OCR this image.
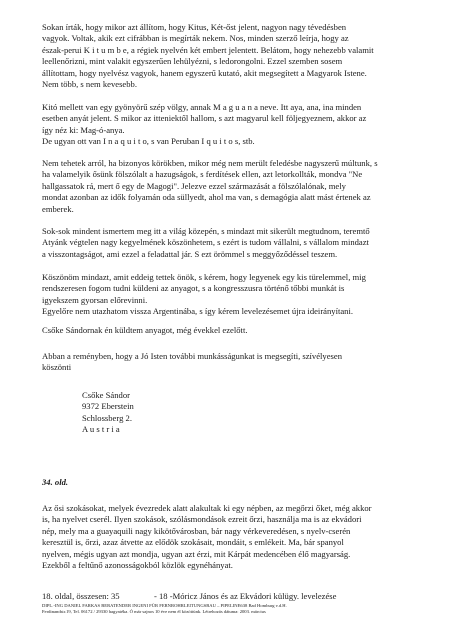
Sokan írták, hogy mikor azt állítom, hogy Kitus, Két-őst jelent, nagyon nagy tévedésben
vagyok. Voltak, akik ezt cifrábban is megírták nekem. Nos, minden szerző leírja, hogy az
észak-perui K i t u m b e, a régiek nyelvén két embert jelentett. Belátom, hogy nehezebb valamit
leellenőrizni, mint valakit egyszerűen lehülyézni, s ledorongolni. Ezzel szemben sosem
állítottam, hogy nyelvész vagyok, hanem egyszerű kutató, akit megsegített a Magyarok Istene.
Nem több, s nem kevesebb.
Kitó mellett van egy gyönyörű szép völgy, annak M a g u a n a neve. Itt aya, ana, ina minden
esetben anyát jelent. S mikor az itteniektől hallom, s azt magyarul kell följegyeznem, akkor az
így néz ki: Mag-ó-anya.
De ugyan ott van I n a q u i t o, s van Peruban I q u i t o s, stb.
Nem tehetek arról, ha bizonyos körökben, mikor még nem merült feledésbe nagyszerű múltunk, s
ha valamelyik ősünk fölszólalt a hazugságok, s ferdítések ellen, azt letorkollták, mondva "Ne
hallgassatok rá, mert ő egy de Magogi". Jelezve ezzel származását a fölszólalónak, mely
mondat azonban az idők folyamán oda süllyedt, ahol ma van, s demagógia alatt mást értenek az
emberek.
Sok-sok mindent ismertem meg itt a világ közepén, s mindazt mit sikerült megtudnom, teremtő
Atyánk végtelen nagy kegyelmének köszönhetem, s ezért is tudom vállalni, s vállalom mindazt
a visszontagságot, ami ezzel a feladattal jár. S ezt örömmel s meggyőződéssel teszem.
Köszönöm mindazt, amit eddeig tettek önök, s kérem, hogy legyenek egy kis türelemmel, mig
rendszeresen fogom tudni küldeni az anyagot, s a kongresszusra történő tőbbi munkát is
igyekszem gyorsan előrevinni.
Egyelőre nem utazhatom vissza Argentinába, s így kérem levelezésemet újra ideirányítani.
Csőke Sándornak én küldtem anyagot, még évekkel ezelőtt.
Abban a reményben, hogy a Jó Isten további munkásságunkat is megsegíti, szívélyesen
köszönti
Csőke Sándor
9372 Eberstein
Schlossberg 2.
A u s t r i a
34. old.
Az ősi szokásokat, melyek évezredek alatt alakultak ki egy népben, az megőrzi őket, még akkor
is, ha nyelvet cserél. Ilyen szokások, szólásmondások ezreit őrzi, használja ma is az ekvádori
nép, mely ma a guayaquili nagy kikötővárosban, bár nagy vérkeveredésen, s nyelv-cserén
keresztül is, őrzi, azaz átvette az elődök szokásait, mondáit, s emlékeit. Ma, bár spanyol
nyelven, mégis ugyan azt mondja, ugyan azt érzi, mit Kárpát medencében élő magyarság.
Ezekből a feltűnő azonosságokból közlök egynéhányat.
18. oldal, összesen: 35	- 18 -Móricz János és az Ekvádori külügy. levelezése
DIPL.-ING DANIEL FARKAS BERATENDER INGENI FÜR FERNROHRLEITUNGSBAU – PIPELINE638 Bad Homburg v.d.H.
Ferdinandstr.19, Tel. 06172 / 29330 hagyatéka. Ó már sajnos 10 éve nem él közöttünk. Létrehozás dátuma: 2003. március
